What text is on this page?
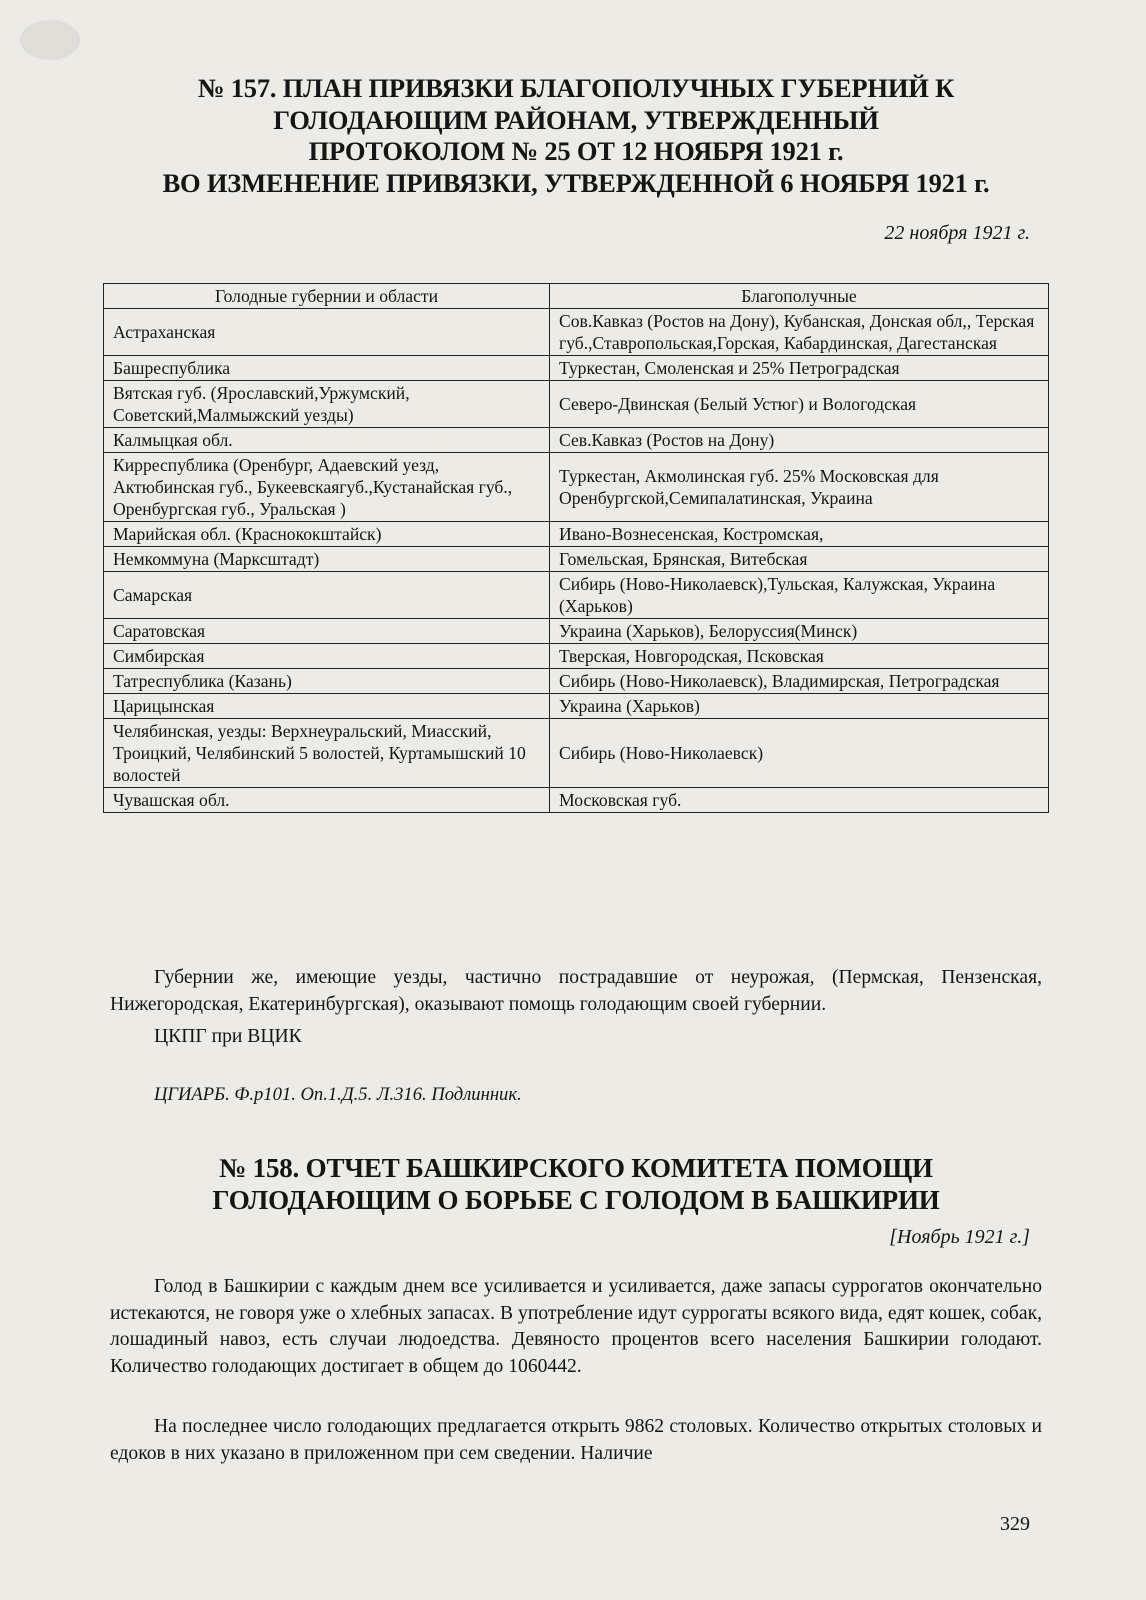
№ 157. ПЛАН ПРИВЯЗКИ БЛАГОПОЛУЧНЫХ ГУБЕРНИЙ К
ГОЛОДАЮЩИМ РАЙОНАМ, УТВЕРЖДЕННЫЙ
ПРОТОКОЛОМ № 25 ОТ 12 НОЯБРЯ 1921 г.
ВО ИЗМЕНЕНИЕ ПРИВЯЗКИ, УТВЕРЖДЕННОЙ 6 НОЯБРЯ 1921 г.
22 ноября 1921 г.
Голодные губернии и области	Благополучные
Астраханская	Сов.Кавказ (Ростов на Дону), Кубанская, Донская обл,, Терская губ.,Ставропольская,Горская, Кабардинская, Дагестанская
Башреспублика	Туркестан, Смоленская и 25% Петроградская
Вятская губ. (Ярославский,Уржумский, Советский,Малмыжский уезды)	Северо-Двинская (Белый Устюг) и Вологодская
Калмыцкая обл.	Сев.Кавказ (Ростов на Дону)
Кирреспублика (Оренбург, Адаевский уезд, Актюбинская губ., Букеевскаягуб.,Кустанайская губ., Оренбургская губ., Уральская )	Туркестан, Акмолинская губ. 25% Московская для Оренбургской,Семипалатинская, Украина
Марийская обл. (Краснококштайск)	Ивано-Вознесенская, Костромская,
Немкоммуна (Марксштадт)	Гомельская, Брянская, Витебская
Самарская	Сибирь (Ново-Николаевск),Тульская, Калужская, Украина (Харьков)
Саратовская	Украина (Харьков), Белоруссия(Минск)
Симбирская	Тверская, Новгородская, Псковская
Татреспублика (Казань)	Сибирь (Ново-Николаевск), Владимирская, Петроградская
Царицынская	Украина (Харьков)
Челябинская, уезды: Верхнеуральский, Миасский, Троицкий, Челябинский 5 волостей, Куртамышский 10 волостей	Сибирь (Ново-Николаевск)
Чувашская обл.	Московская губ.
Губернии же, имеющие уезды, частично пострадавшие от неурожая, (Пермская, Пензенская, Нижегородская, Екатеринбургская), оказывают помощь голодающим своей губернии.
ЦКПГ при ВЦИК
ЦГИАРБ. Ф.р101. Оп.1.Д.5. Л.316. Подлинник.
№ 158. ОТЧЕТ БАШКИРСКОГО КОМИТЕТА ПОМОЩИ
ГОЛОДАЮЩИМ О БОРЬБЕ С ГОЛОДОМ В БАШКИРИИ
[Ноябрь 1921 г.]
Голод в Башкирии с каждым днем все усиливается и усиливается, даже запасы суррогатов окончательно истекаются, не говоря уже о хлебных запасах. В употребление идут суррогаты всякого вида, едят кошек, собак, лошадиный навоз, есть случаи людоедства. Девяносто процентов всего населения Башкирии голодают. Количество голодающих достигает в общем до 1060442.
На последнее число голодающих предлагается открыть 9862 столовых. Количество открытых столовых и едоков в них указано в приложенном при сем сведении. Наличие
329
